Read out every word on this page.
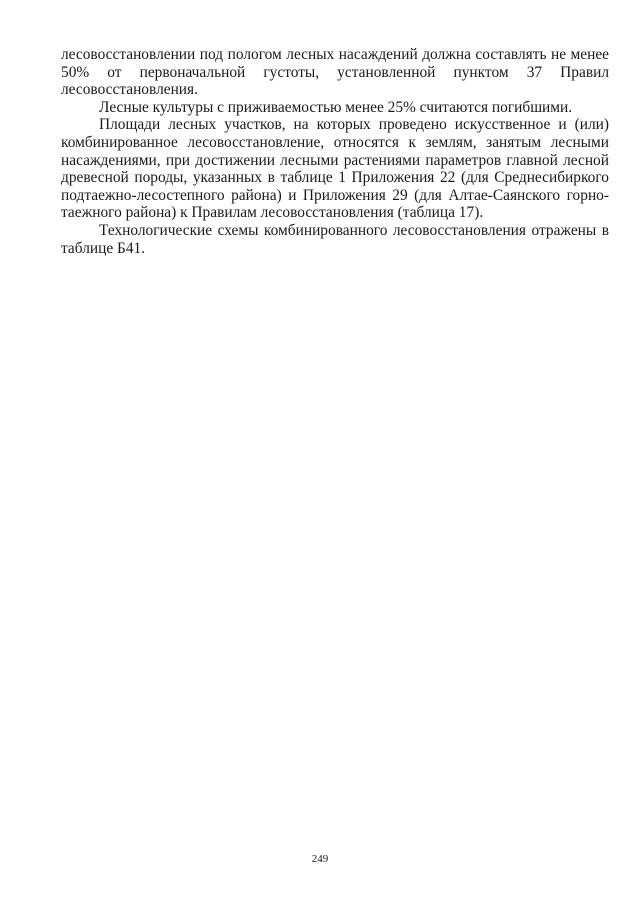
лесовосстановлении под пологом лесных насаждений должна составлять не менее 50% от первоначальной густоты, установленной пунктом 37 Правил лесовосстановления.

Лесные культуры с приживаемостью менее 25% считаются погибшими.

Площади лесных участков, на которых проведено искусственное и (или) комбинированное лесовосстановление, относятся к землям, занятым лесными насаждениями, при достижении лесными растениями параметров главной лесной древесной породы, указанных в таблице 1 Приложения 22 (для Среднесибиркого подтаежно-лесостепного района) и Приложения 29 (для Алтае-Саянского горно-таежного района) к Правилам лесовосстановления (таблица 17).

Технологические схемы комбинированного лесовосстановления отражены в таблице Б41.

249
